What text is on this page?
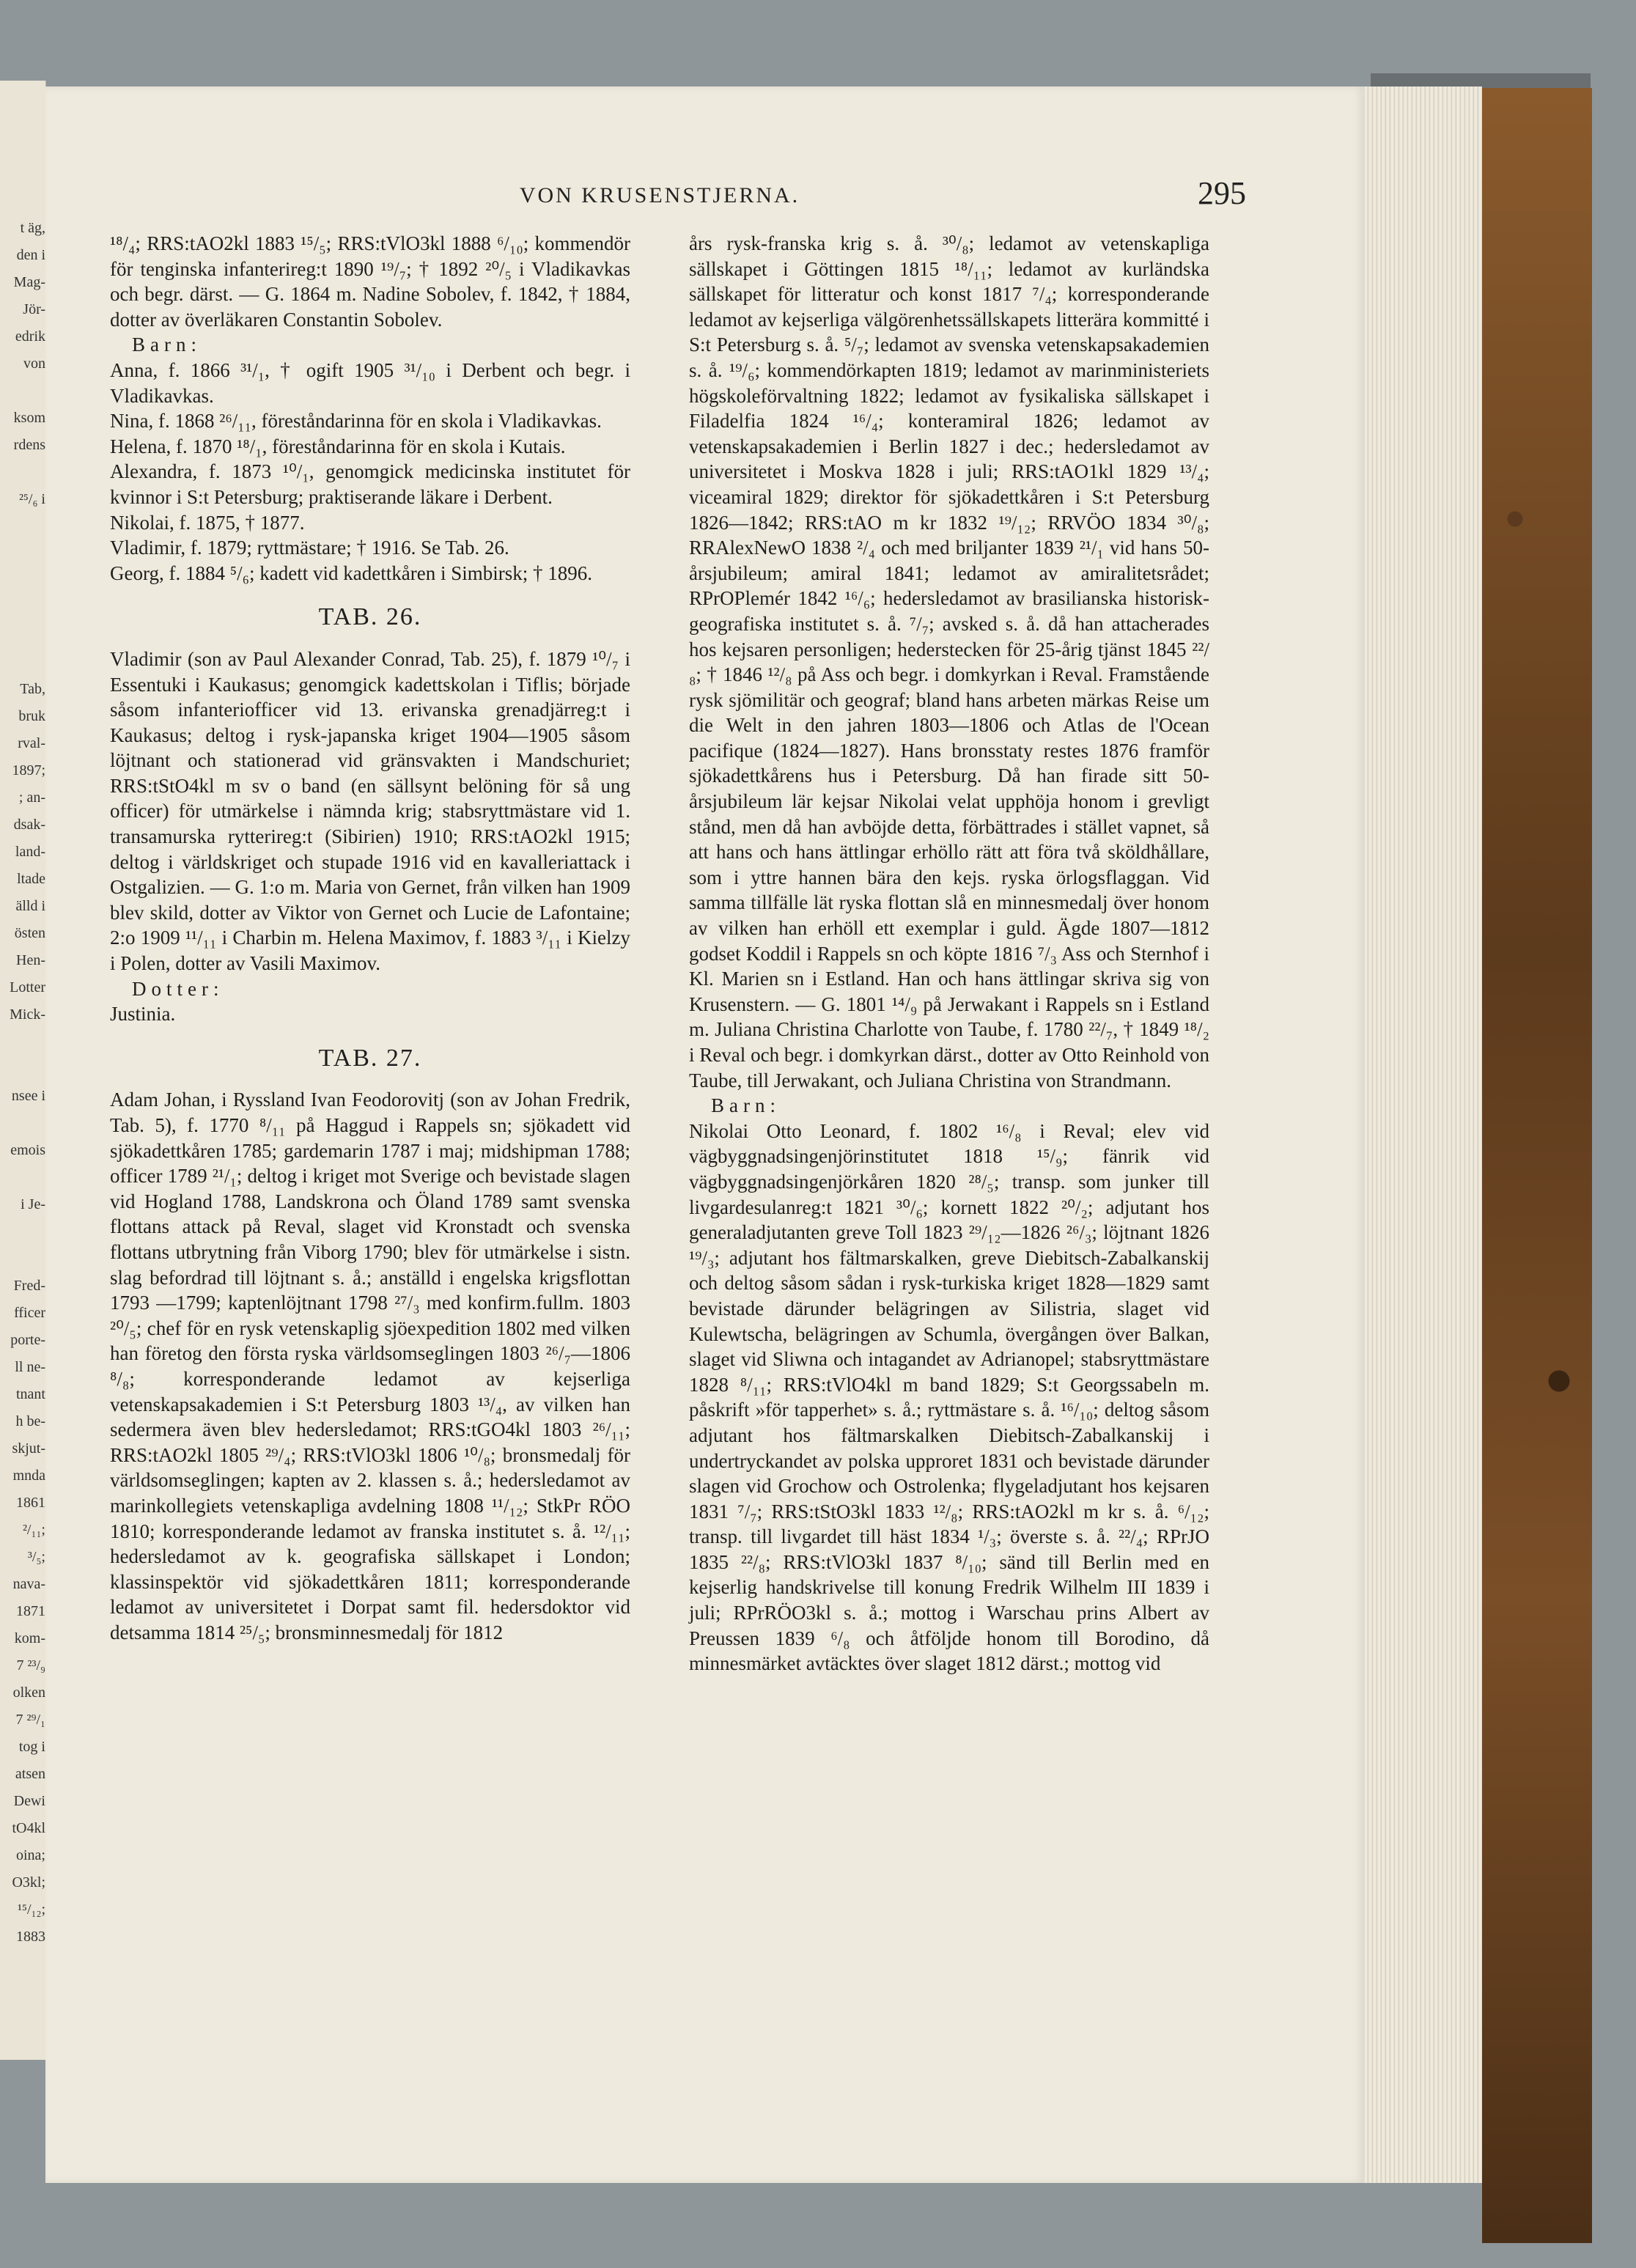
t äg,
den i
Mag-
Jör-
edrik
von
ksom
rdens
²⁵/₆ i
Tab,
bruk
rval-
1897;
; an-
dsak-
land-
ltade
älld i
östen
Hen-
Lotter
Mick-
nsee i
emois
i Je-
Fred-
fficer
porte-
ll ne-
tnant
h be-
skjut-
mnda
1861
²/₁₁;
³/₅;
nava-
1871
kom-
7 ²³/₉
olken
7 ²⁹/₁
tog i
atsen
Dewi
tO4kl
oina;
O3kl;
¹⁵/₁₂;
1883
VON KRUSENSTJERNA.	295

¹⁸/₄; RRS:tAO2kl 1883 ¹⁵/₅; RRS:tVlO3kl 1888 ⁶/₁₀; kommendör för tenginska infanterireg:t 1890 ¹⁹/₇; † 1892 ²⁰/₅ i Vladikavkas och begr. därst. — G. 1864 m. Nadine Sobolev, f. 1842, † 1884, dotter av överläkaren Constantin Sobolev.

Barn:

Anna, f. 1866 ³¹/₁, † ogift 1905 ³¹/₁₀ i Derbent och begr. i Vladikavkas.

Nina, f. 1868 ²⁶/₁₁, föreståndarinna för en skola i Vladikavkas.

Helena, f. 1870 ¹⁸/₁, föreståndarinna för en skola i Kutais.

Alexandra, f. 1873 ¹⁰/₁, genomgick medicinska institutet för kvinnor i S:t Petersburg; praktiserande läkare i Derbent.

Nikolai, f. 1875, † 1877.

Vladimir, f. 1879; ryttmästare; † 1916. Se Tab. 26.

Georg, f. 1884 ⁵/₆; kadett vid kadettkåren i Simbirsk; † 1896.

TAB. 26.

Vladimir (son av Paul Alexander Conrad, Tab. 25), f. 1879 ¹⁰/₇ i Essentuki i Kaukasus; genomgick kadettskolan i Tiflis; började såsom infanteriofficer vid 13. erivanska grenadjärreg:t i Kaukasus; deltog i rysk-japanska kriget 1904—1905 såsom löjtnant och stationerad vid gränsvakten i Mandschuriet; RRS:tStO4kl m sv o band (en sällsynt belöning för så ung officer) för utmärkelse i nämnda krig; stabsryttmästare vid 1. transamurska rytterireg:t (Sibirien) 1910; RRS:tAO2kl 1915; deltog i världskriget och stupade 1916 vid en kavalleriattack i Ostgalizien. — G. 1:o m. Maria von Gernet, från vilken han 1909 blev skild, dotter av Viktor von Gernet och Lucie de Lafontaine; 2:o 1909 ¹¹/₁₁ i Charbin m. Helena Maximov, f. 1883 ³/₁₁ i Kielzy i Polen, dotter av Vasili Maximov.

Dotter:

Justinia.

TAB. 27.

Adam Johan, i Ryssland Ivan Feodorovitj (son av Johan Fredrik, Tab. 5), f. 1770 ⁸/₁₁ på Haggud i Rappels sn; sjökadett vid sjökadettkåren 1785; gardemarin 1787 i maj; midshipman 1788; officer 1789 ²¹/₁; deltog i kriget mot Sverige och bevistade slagen vid Hogland 1788, Landskrona och Öland 1789 samt svenska flottans attack på Reval, slaget vid Kronstadt och svenska flottans utbrytning från Viborg 1790; blev för utmärkelse i sistn. slag befordrad till löjtnant s. å.; anställd i engelska krigsflottan 1793 —1799; kaptenlöjtnant 1798 ²⁷/₃ med konfirm.fullm. 1803 ²⁰/₅; chef för en rysk vetenskaplig sjöexpedition 1802 med vilken han företog den första ryska världsomseglingen 1803 ²⁶/₇—1806 ⁸/₈; korresponderande ledamot av kejserliga vetenskapsakademien i S:t Petersburg 1803 ¹³/₄, av vilken han sedermera även blev hedersledamot; RRS:tGO4kl 1803 ²⁶/₁₁; RRS:tAO2kl 1805 ²⁹/₄; RRS:tVlO3kl 1806 ¹⁰/₈; bronsmedalj för världsomseglingen; kapten av 2. klassen s. å.; hedersledamot av marinkollegiets vetenskapliga avdelning 1808 ¹¹/₁₂; StkPr RÖO 1810; korresponderande ledamot av franska institutet s. å. ¹²/₁₁; hedersledamot av k. geografiska sällskapet i London; klassinspektör vid sjökadettkåren 1811; korresponderande ledamot av universitetet i Dorpat samt fil. hedersdoktor vid detsamma 1814 ²⁵/₅; bronsminnesmedalj för 1812

års rysk-franska krig s. å. ³⁰/₈; ledamot av vetenskapliga sällskapet i Göttingen 1815 ¹⁸/₁₁; ledamot av kurländska sällskapet för litteratur och konst 1817 ⁷/₄; korresponderande ledamot av kejserliga välgörenhetssällskapets litterära kommitté i S:t Petersburg s. å. ⁵/₇; ledamot av svenska vetenskapsakademien s. å. ¹⁹/₆; kommendörkapten 1819; ledamot av marinministeriets högskoleförvaltning 1822; ledamot av fysikaliska sällskapet i Filadelfia 1824 ¹⁶/₄; konteramiral 1826; ledamot av vetenskapsakademien i Berlin 1827 i dec.; hedersledamot av universitetet i Moskva 1828 i juli; RRS:tAO1kl 1829 ¹³/₄; viceamiral 1829; direktor för sjökadettkåren i S:t Petersburg 1826—1842; RRS:tAO m kr 1832 ¹⁹/₁₂; RRVÖO 1834 ³⁰/₈; RRAlexNewO 1838 ²/₄ och med briljanter 1839 ²¹/₁ vid hans 50-årsjubileum; amiral 1841; ledamot av amiralitetsrådet; RPrOPlemér 1842 ¹⁶/₆; hedersledamot av brasilianska historisk-geografiska institutet s. å. ⁷/₇; avsked s. å. då han attacherades hos kejsaren personligen; hederstecken för 25-årig tjänst 1845 ²²/₈; † 1846 ¹²/₈ på Ass och begr. i domkyrkan i Reval. Framstående rysk sjömilitär och geograf; bland hans arbeten märkas Reise um die Welt in den jahren 1803—1806 och Atlas de l'Ocean pacifique (1824—1827). Hans bronsstaty restes 1876 framför sjökadettkårens hus i Petersburg. Då han firade sitt 50-årsjubileum lär kejsar Nikolai velat upphöja honom i grevligt stånd, men då han avböjde detta, förbättrades i stället vapnet, så att hans och hans ättlingar erhöllo rätt att föra två sköldhållare, som i yttre hannen bära den kejs. ryska örlogsflaggan. Vid samma tillfälle lät ryska flottan slå en minnesmedalj över honom av vilken han erhöll ett exemplar i guld. Ägde 1807—1812 godset Koddil i Rappels sn och köpte 1816 ⁷/₃ Ass och Sternhof i Kl. Marien sn i Estland. Han och hans ättlingar skriva sig von Krusenstern. — G. 1801 ¹⁴/₉ på Jerwakant i Rappels sn i Estland m. Juliana Christina Charlotte von Taube, f. 1780 ²²/₇, † 1849 ¹⁸/₂ i Reval och begr. i domkyrkan därst., dotter av Otto Reinhold von Taube, till Jerwakant, och Juliana Christina von Strandmann.

Barn:

Nikolai Otto Leonard, f. 1802 ¹⁶/₈ i Reval; elev vid vägbyggnadsingenjörinstitutet 1818 ¹⁵/₉; fänrik vid vägbyggnadsingenjörkåren 1820 ²⁸/₅; transp. som junker till livgardesulanreg:t 1821 ³⁰/₆; kornett 1822 ²⁰/₂; adjutant hos generaladjutanten greve Toll 1823 ²⁹/₁₂—1826 ²⁶/₃; löjtnant 1826 ¹⁹/₃; adjutant hos fältmarskalken, greve Diebitsch-Zabalkanskij och deltog såsom sådan i rysk-turkiska kriget 1828—1829 samt bevistade därunder belägringen av Silistria, slaget vid Kulewtscha, belägringen av Schumla, övergången över Balkan, slaget vid Sliwna och intagandet av Adrianopel; stabsryttmästare 1828 ⁸/₁₁; RRS:tVlO4kl m band 1829; S:t Georgssabeln m. påskrift »för tapperhet» s. å.; ryttmästare s. å. ¹⁶/₁₀; deltog såsom adjutant hos fältmarskalken Diebitsch-Zabalkanskij i undertryckandet av polska upproret 1831 och bevistade därunder slagen vid Grochow och Ostrolenka; flygeladjutant hos kejsaren 1831 ⁷/₇; RRS:tStO3kl 1833 ¹²/₈; RRS:tAO2kl m kr s. å. ⁶/₁₂; transp. till livgardet till häst 1834 ¹/₃; överste s. å. ²²/₄; RPrJO 1835 ²²/₈; RRS:tVlO3kl 1837 ⁸/₁₀; sänd till Berlin med en kejserlig handskrivelse till konung Fredrik Wilhelm III 1839 i juli; RPrRÖO3kl s. å.; mottog i Warschau prins Albert av Preussen 1839 ⁶/₈ och åtföljde honom till Borodino, då minnesmärket avtäcktes över slaget 1812 därst.; mottog vid
